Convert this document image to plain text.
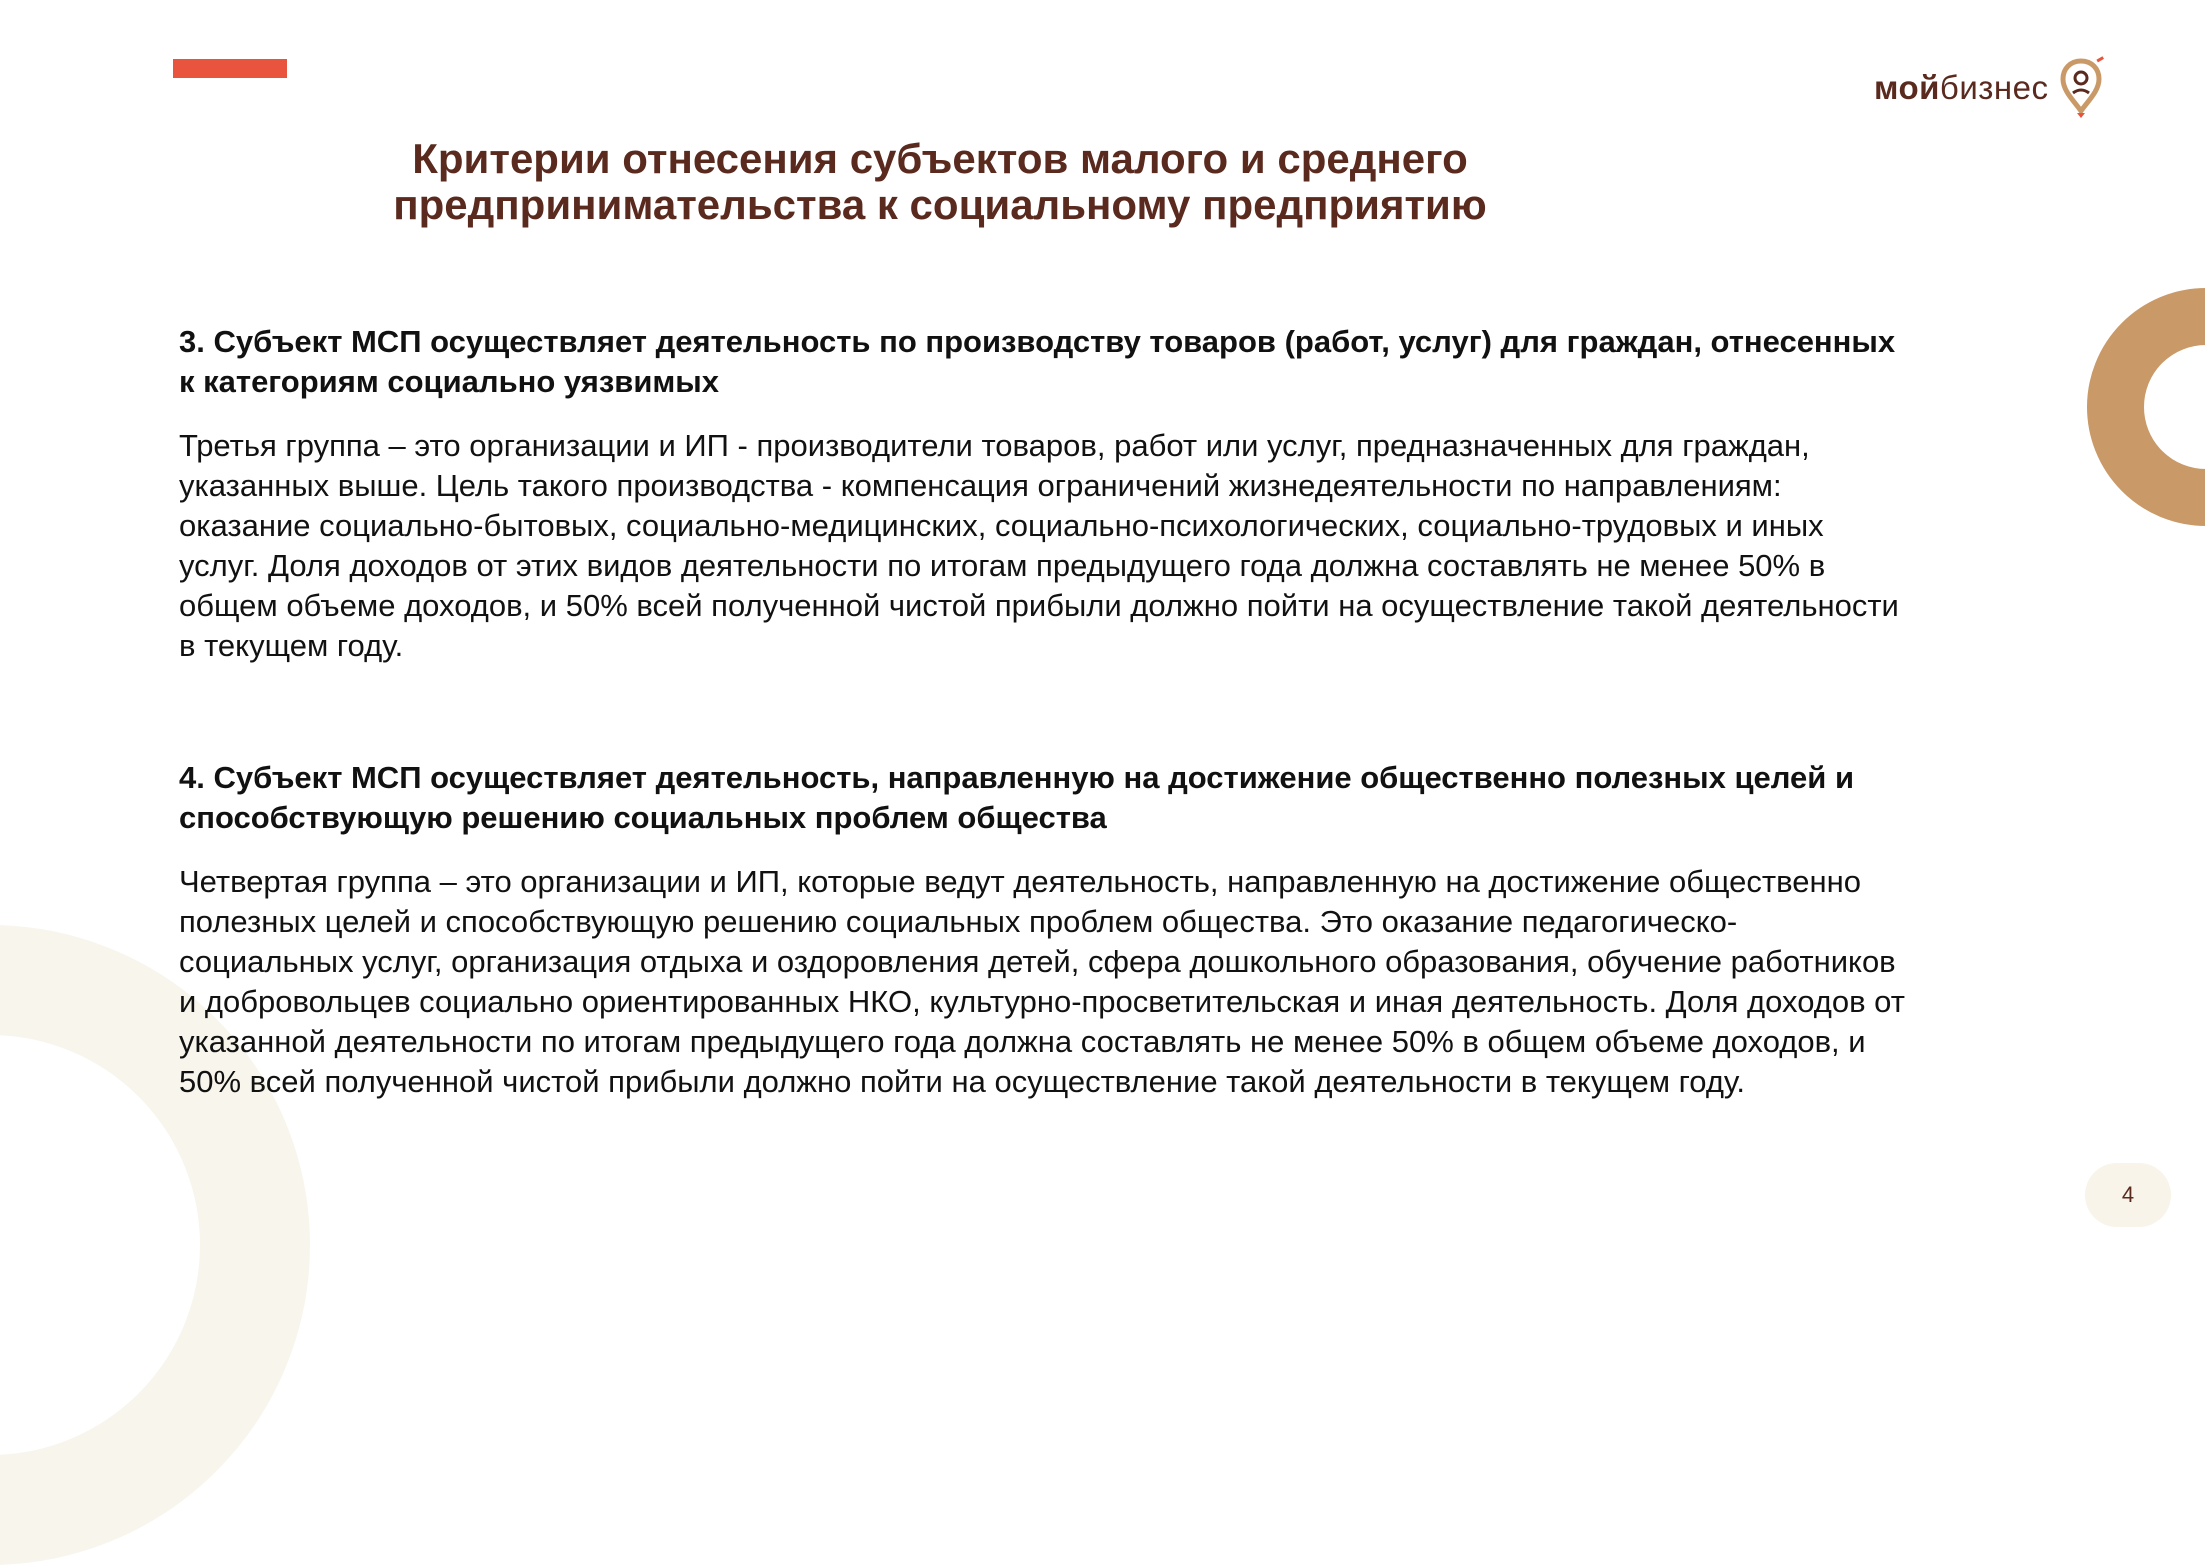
мойбизнес
Критерии отнесения субъектов малого и среднего
предпринимательства к социальному предприятию
3. Субъект МСП осуществляет деятельность по производству товаров (работ, услуг) для граждан, отнесенных к категориям социально уязвимых

Третья группа – это организации и ИП - производители товаров, работ или услуг, предназначенных для граждан, указанных выше. Цель такого производства - компенсация ограничений жизнедеятельности по направлениям: оказание социально-бытовых, социально-медицинских, социально-психологических, социально-трудовых и иных услуг. Доля доходов от этих видов деятельности по итогам предыдущего года должна составлять не менее 50% в общем объеме доходов, и 50% всей полученной чистой прибыли должно пойти на осуществление такой деятельности в текущем году.

4. Субъект МСП осуществляет деятельность, направленную на достижение общественно полезных целей и способствующую решению социальных проблем общества

Четвертая группа – это организации и ИП, которые ведут деятельность, направленную на достижение общественно полезных целей и способствующую решению социальных проблем общества. Это оказание педагогическо-социальных услуг, организация отдыха и оздоровления детей, сфера дошкольного образования, обучение работников и добровольцев социально ориентированных НКО, культурно-просветительская и иная деятельность. Доля доходов от указанной деятельности по итогам предыдущего года должна составлять не менее 50% в общем объеме доходов, и 50% всей полученной чистой прибыли должно пойти на осуществление такой деятельности в текущем году.

4
